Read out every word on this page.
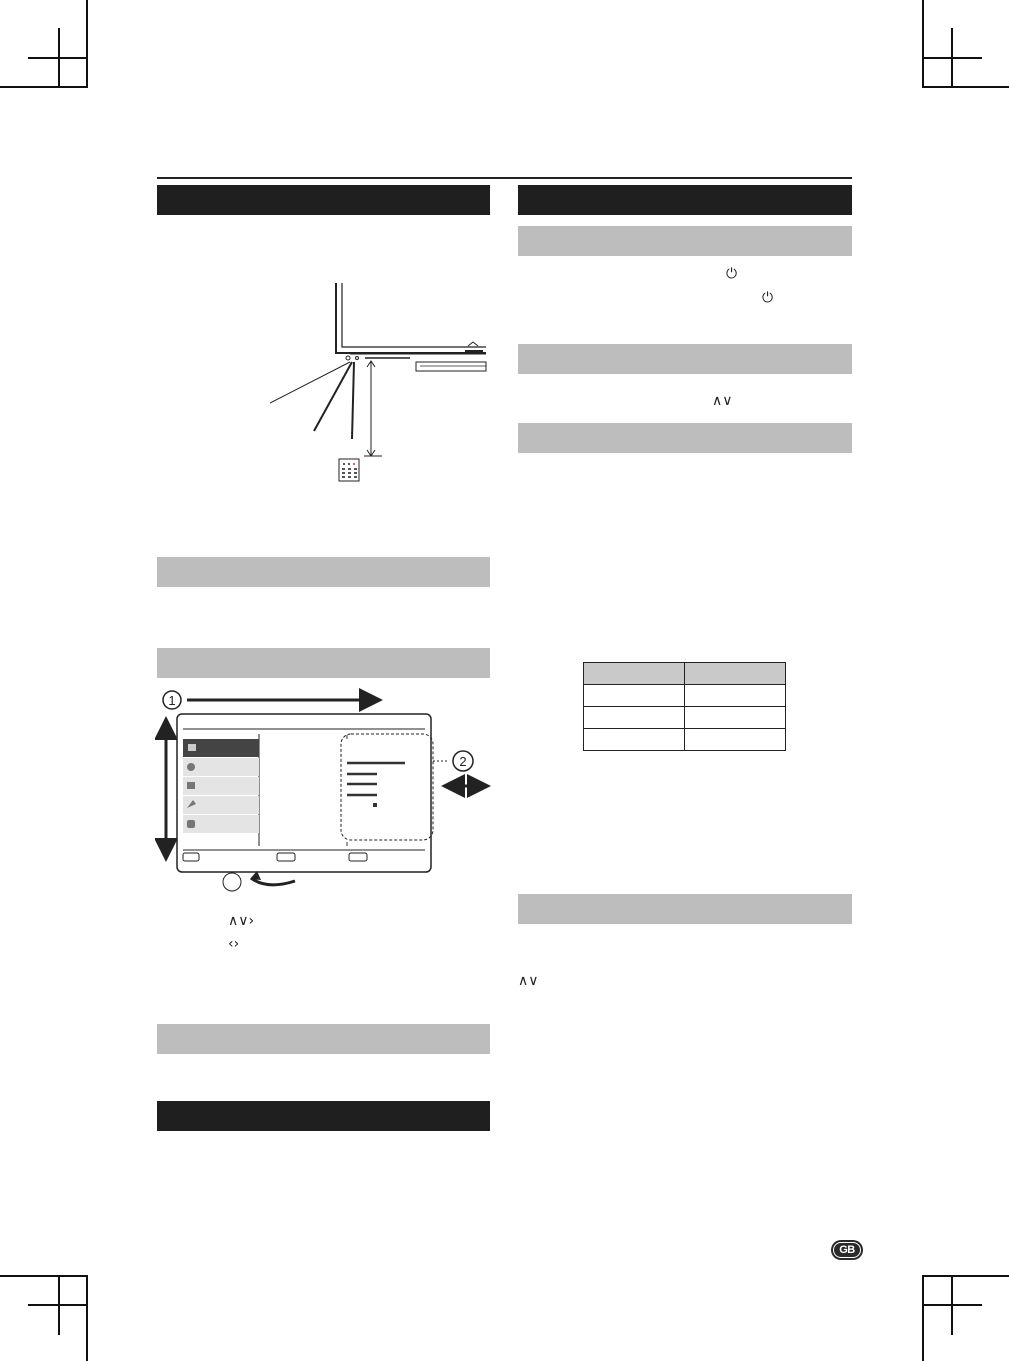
1
2
∧∨›
‹›
⏻
⏻
∧∨

∧∨
GB
